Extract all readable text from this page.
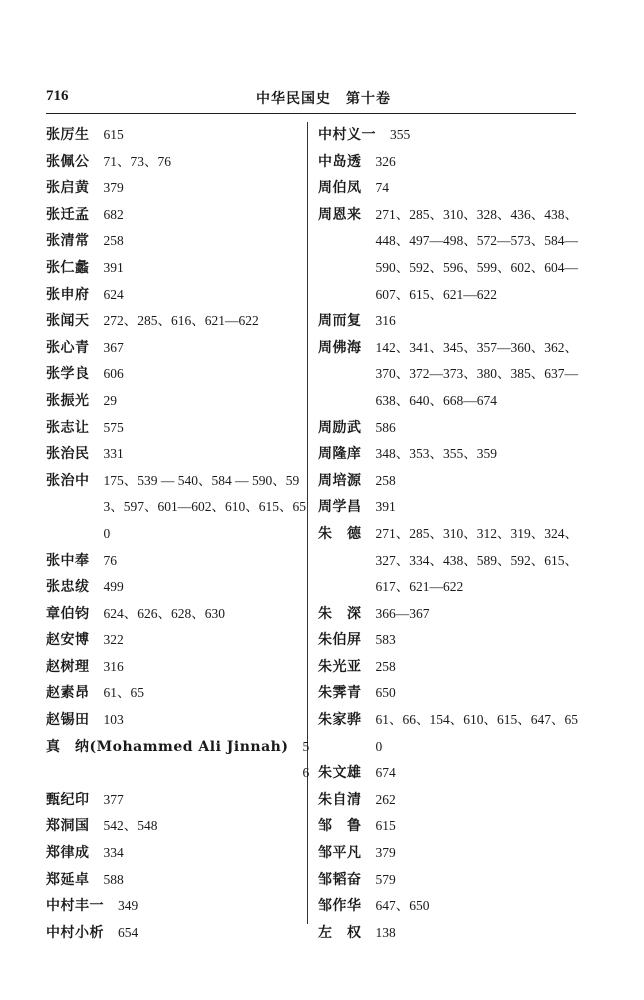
716	中华民国史　第十卷
张厉生	615
张佩公	71、73、76
张启黄	379
张迁孟	682
张清常	258
张仁蠡	391
张申府	624
张闻天	272、285、616、621—622
张心青	367
张学良	606
张振光	29
张志让	575
张治民	331
张治中	175、539 — 540、584 — 590、593、597、601—602、610、615、650
张中奉	76
张忠绂	499
章伯钧	624、626、628、630
赵安博	322
赵树理	316
赵素昂	61、65
赵锡田	103
真　纳(Mohammed Ali Jinnah)	56
甄纪印	377
郑洞国	542、548
郑律成	334
郑延卓	588
中村丰一	349
中村小析	654
中村义一	355
中岛透	326
周伯凤	74
周恩来	271、285、310、328、436、438、448、497—498、572—573、584—590、592、596、599、602、604—607、615、621—622
周而复	316
周佛海	142、341、345、357—360、362、370、372—373、380、385、637—638、640、668—674
周励武	586
周隆庠	348、353、355、359
周培源	258
周学昌	391
朱　德	271、285、310、312、319、324、327、334、438、589、592、615、617、621—622
朱　深	366—367
朱伯屏	583
朱光亚	258
朱霁青	650
朱家骅	61、66、154、610、615、647、650
朱文雄	674
朱自清	262
邹　鲁	615
邹平凡	379
邹韬奋	579
邹作华	647、650
左　权	138
